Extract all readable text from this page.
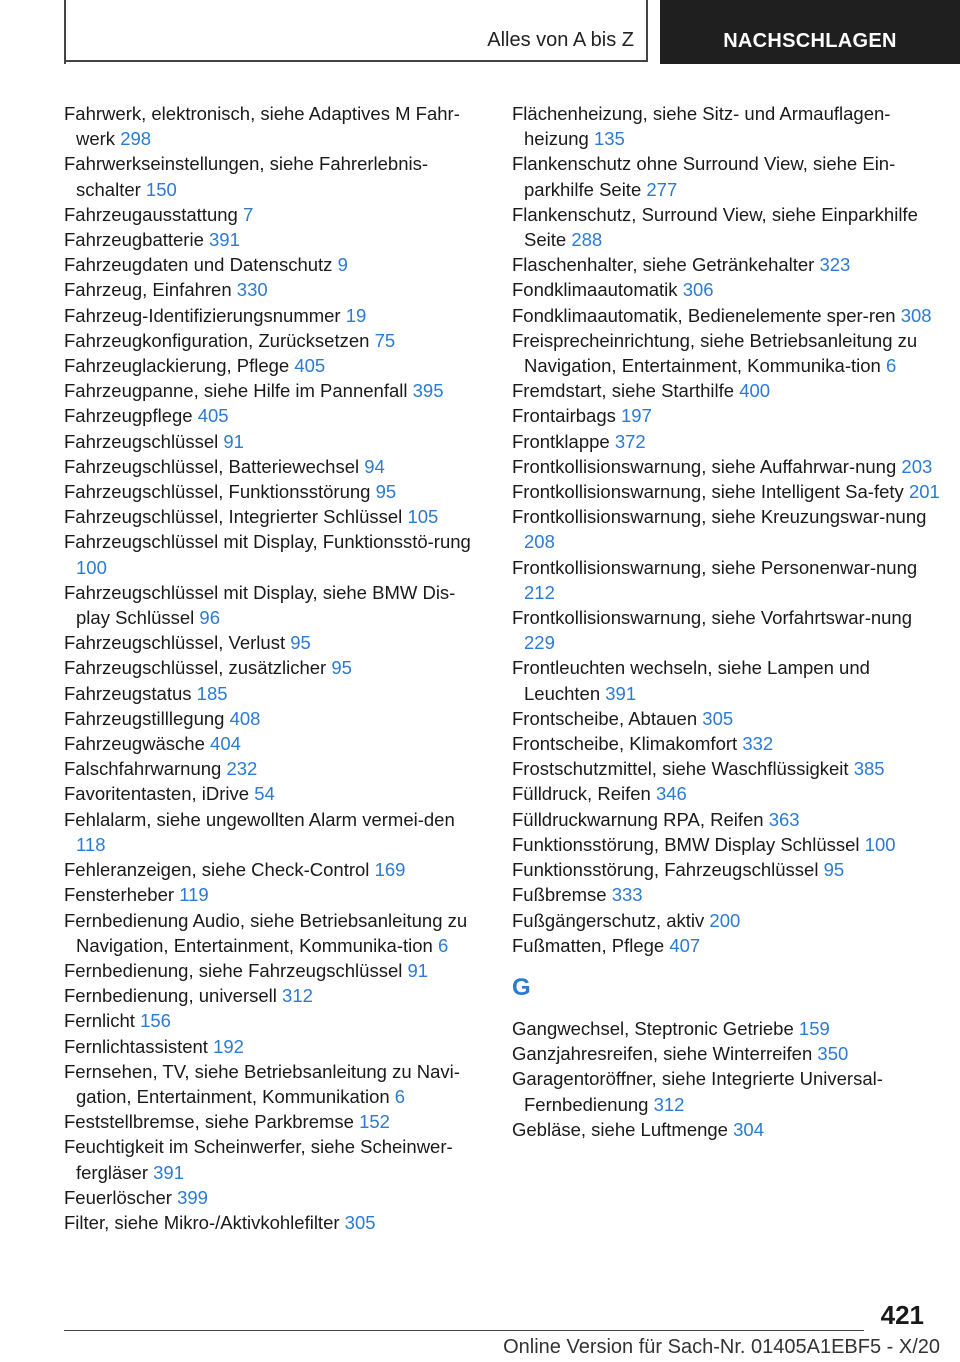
Alles von A bis Z	NACHSCHLAGEN
Fahrwerk, elektronisch, siehe Adaptives M Fahr-werk 298
Fahrwerkseinstellungen, siehe Fahrerlebnis-schalter 150
Fahrzeugausstattung 7
Fahrzeugbatterie 391
Fahrzeugdaten und Datenschutz 9
Fahrzeug, Einfahren 330
Fahrzeug-Identifizierungsnummer 19
Fahrzeugkonfiguration, Zurücksetzen 75
Fahrzeuglackierung, Pflege 405
Fahrzeugpanne, siehe Hilfe im Pannenfall 395
Fahrzeugpflege 405
Fahrzeugschlüssel 91
Fahrzeugschlüssel, Batteriewechsel 94
Fahrzeugschlüssel, Funktionsstörung 95
Fahrzeugschlüssel, Integrierter Schlüssel 105
Fahrzeugschlüssel mit Display, Funktionsstö-rung 100
Fahrzeugschlüssel mit Display, siehe BMW Dis-play Schlüssel 96
Fahrzeugschlüssel, Verlust 95
Fahrzeugschlüssel, zusätzlicher 95
Fahrzeugstatus 185
Fahrzeugstilllegung 408
Fahrzeugwäsche 404
Falschfahrwarnung 232
Favoritentasten, iDrive 54
Fehlalarm, siehe ungewollten Alarm vermei-den 118
Fehleranzeigen, siehe Check-Control 169
Fensterheber 119
Fernbedienung Audio, siehe Betriebsanleitung zu Navigation, Entertainment, Kommunika-tion 6
Fernbedienung, siehe Fahrzeugschlüssel 91
Fernbedienung, universell 312
Fernlicht 156
Fernlichtassistent 192
Fernsehen, TV, siehe Betriebsanleitung zu Navi-gation, Entertainment, Kommunikation 6
Feststellbremse, siehe Parkbremse 152
Feuchtigkeit im Scheinwerfer, siehe Scheinwer-fergläser 391
Feuerlöscher 399
Filter, siehe Mikro-/Aktivkohlefilter 305
Flächenheizung, siehe Sitz- und Armauflagen-heizung 135
Flankenschutz ohne Surround View, siehe Ein-parkhilfe Seite 277
Flankenschutz, Surround View, siehe Einparkhilfe Seite 288
Flaschenhalter, siehe Getränkehalter 323
Fondklimaautomatik 306
Fondklimaautomatik, Bedienelemente sper-ren 308
Freisprecheinrichtung, siehe Betriebsanleitung zu Navigation, Entertainment, Kommunika-tion 6
Fremdstart, siehe Starthilfe 400
Frontairbags 197
Frontklappe 372
Frontkollisionswarnung, siehe Auffahrwar-nung 203
Frontkollisionswarnung, siehe Intelligent Sa-fety 201
Frontkollisionswarnung, siehe Kreuzungswar-nung 208
Frontkollisionswarnung, siehe Personenwar-nung 212
Frontkollisionswarnung, siehe Vorfahrtswar-nung 229
Frontleuchten wechseln, siehe Lampen und Leuchten 391
Frontscheibe, Abtauen 305
Frontscheibe, Klimakomfort 332
Frostschutzmittel, siehe Waschflüssigkeit 385
Fülldruck, Reifen 346
Fülldruckwarnung RPA, Reifen 363
Funktionsstörung, BMW Display Schlüssel 100
Funktionsstörung, Fahrzeugschlüssel 95
Fußbremse 333
Fußgängerschutz, aktiv 200
Fußmatten, Pflege 407
G
Gangwechsel, Steptronic Getriebe 159
Ganzjahresreifen, siehe Winterreifen 350
Garagentoröffner, siehe Integrierte Universal-Fernbedienung 312
Gebläse, siehe Luftmenge 304
421
Online Version für Sach-Nr. 01405A1EBF5 - X/20
